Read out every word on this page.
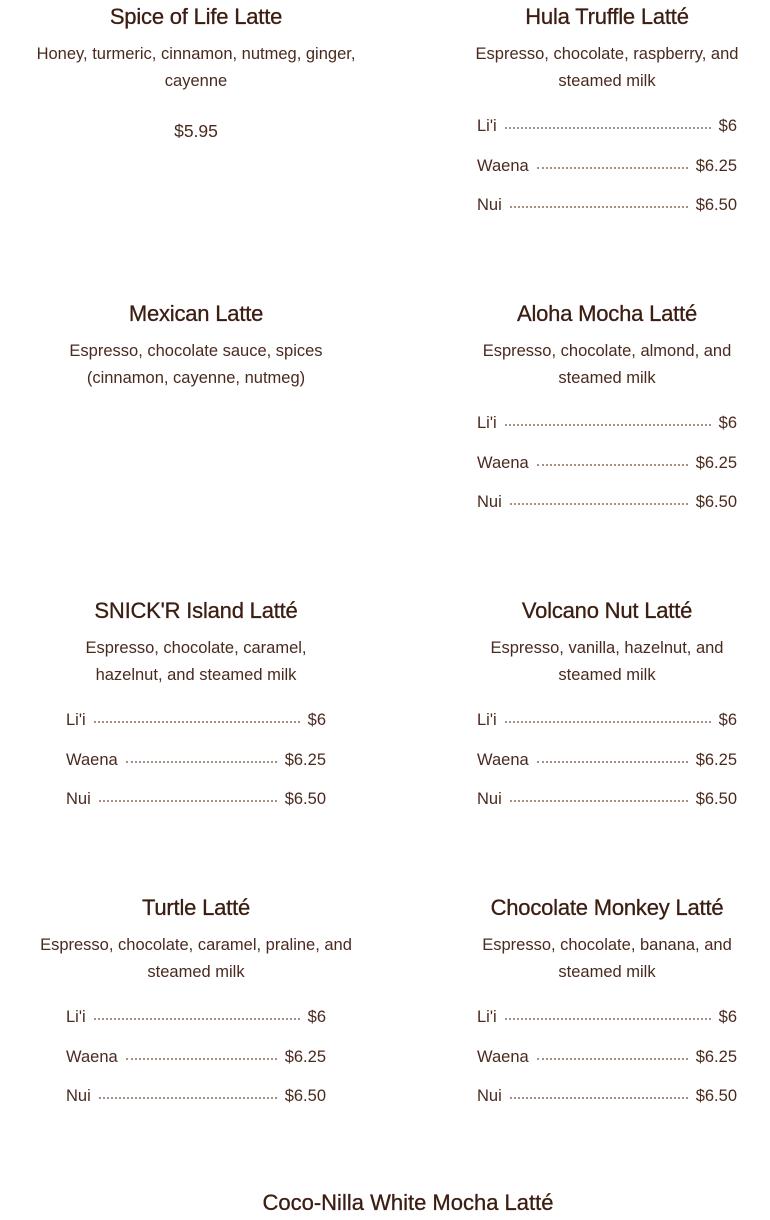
Spice of Life Latte

Honey, turmeric, cinnamon, nutmeg, ginger, cayenne

$5.95
Hula Truffle Latté

Espresso, chocolate, raspberry, and steamed milk

Li'i	$6
Waena	$6.25
Nui	$6.50
Mexican Latte

Espresso, chocolate sauce, spices (cinnamon, cayenne, nutmeg)

Aloha Mocha Latté

Espresso, chocolate, almond, and steamed milk

Li'i	$6
Waena	$6.25
Nui	$6.50
SNICK'R Island Latté

Espresso, chocolate, caramel, hazelnut, and steamed milk

Li'i	$6
Waena	$6.25
Nui	$6.50
Volcano Nut Latté

Espresso, vanilla, hazelnut, and steamed milk

Li'i	$6
Waena	$6.25
Nui	$6.50
Turtle Latté

Espresso, chocolate, caramel, praline, and steamed milk

Li'i	$6
Waena	$6.25
Nui	$6.50
Chocolate Monkey Latté

Espresso, chocolate, banana, and steamed milk

Li'i	$6
Waena	$6.25
Nui	$6.50
Coco-Nilla White Mocha Latté
